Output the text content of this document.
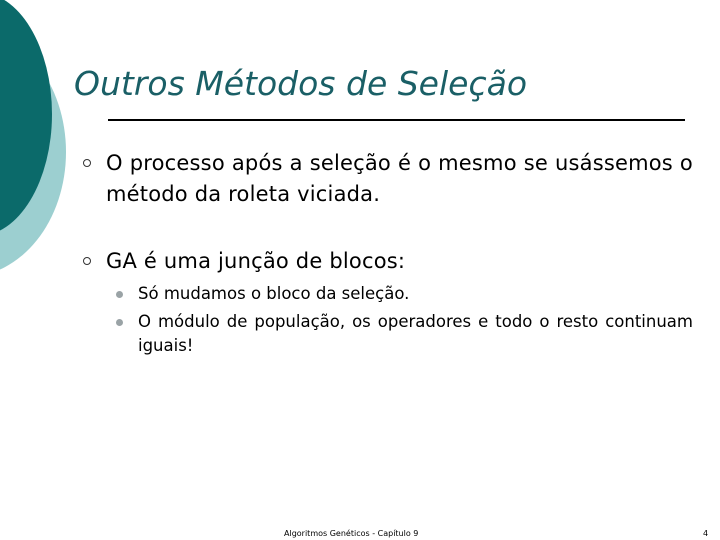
Outros Métodos de Seleção
O processo após a seleção é o mesmo se usássemos o método da roleta viciada.
GA é uma junção de blocos:
Só mudamos o bloco da seleção.
O módulo de população, os operadores e todo o resto continuam iguais!
Algoritmos Genéticos - Capítulo 9	4
